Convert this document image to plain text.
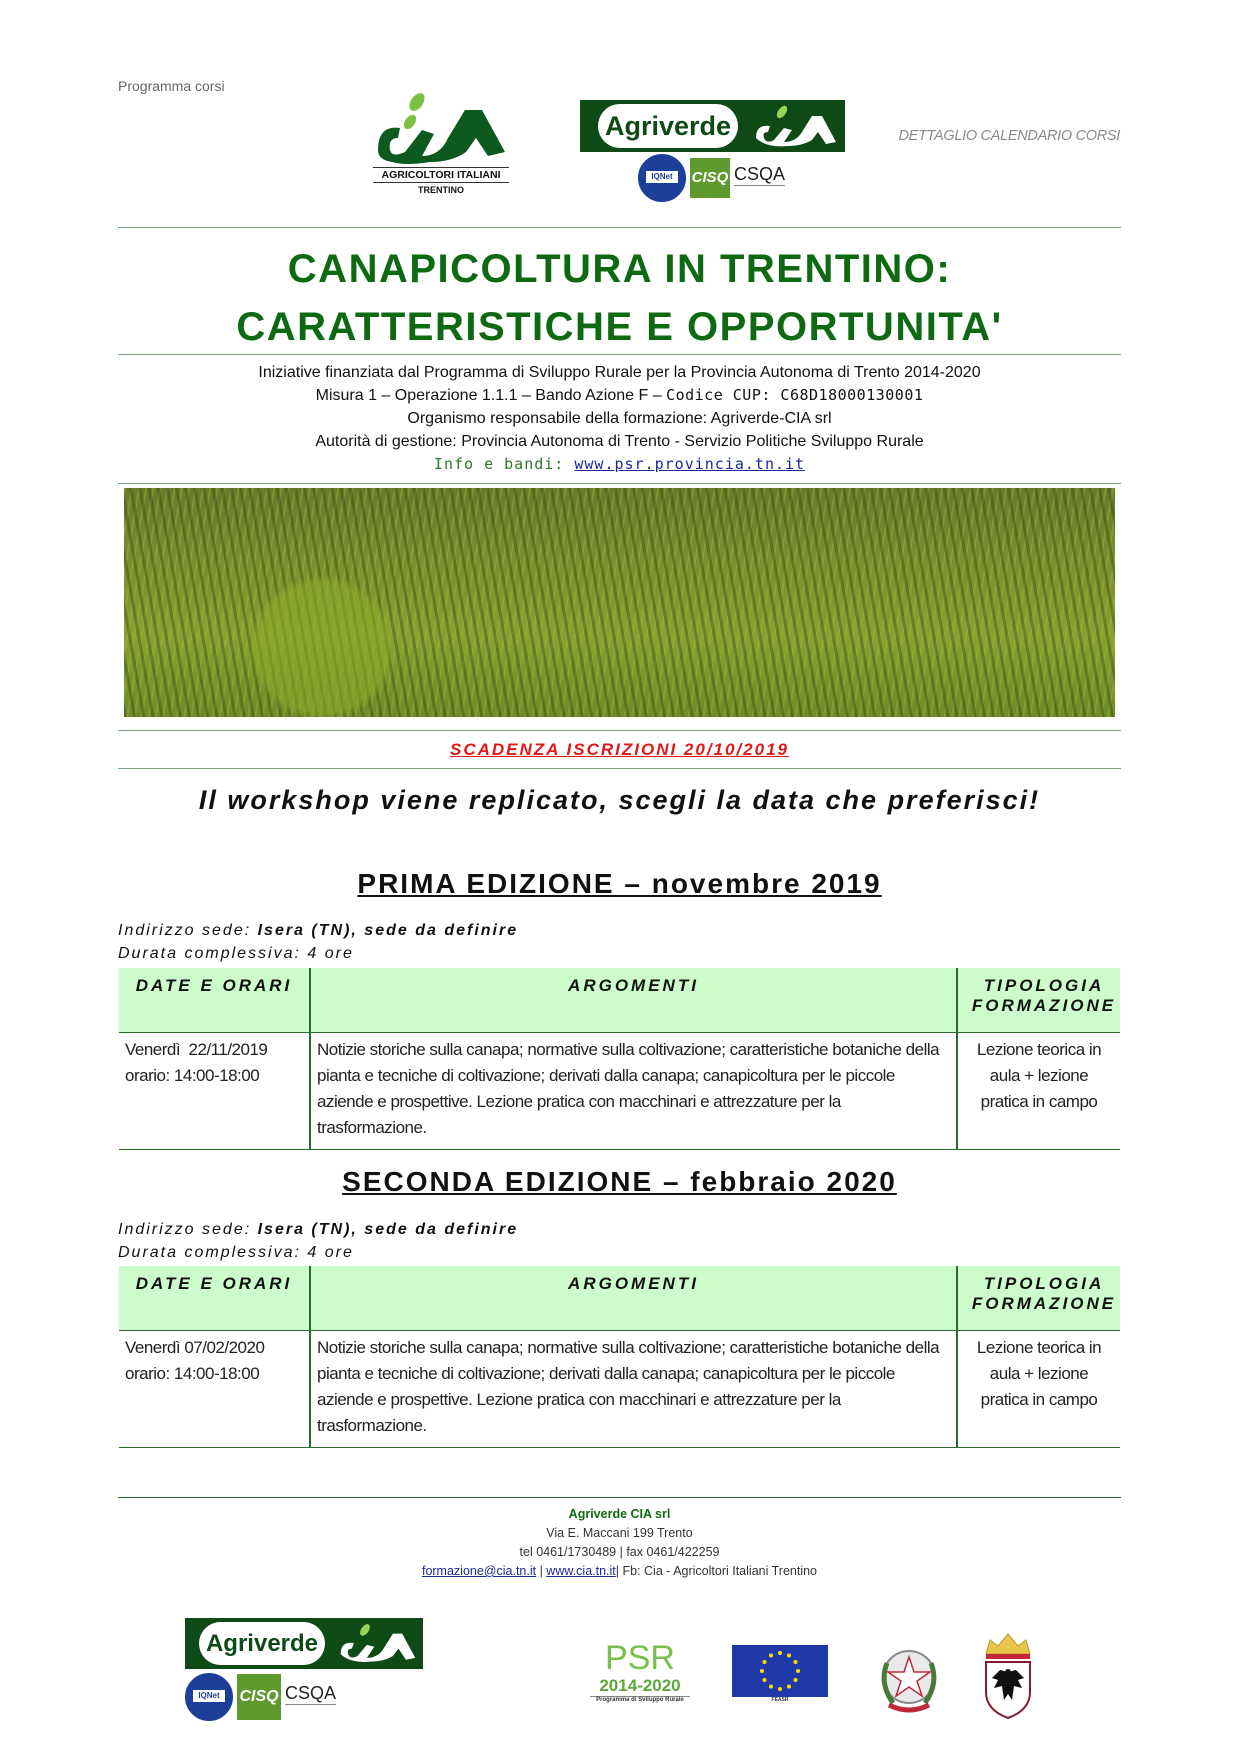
Programma corsi
AGRICOLTORI ITALIANI
TRENTINO
Agriverde
IQNet	CISQ CSQA

DETTAGLIO CALENDARIO CORSI
CANAPICOLTURA IN TRENTINO:
CARATTERISTICHE E OPPORTUNITA'
Iniziative finanziata dal Programma di Sviluppo Rurale per la Provincia Autonoma di Trento 2014-2020
Misura 1 – Operazione 1.1.1 – Bando Azione F – Codice CUP: C68D18000130001
Organismo responsabile della formazione: Agriverde-CIA srl
Autorità di gestione: Provincia Autonoma di Trento - Servizio Politiche Sviluppo Rurale
Info e bandi: www.psr.provincia.tn.it
SCADENZA ISCRIZIONI 20/10/2019
Il workshop viene replicato, scegli la data che preferisci!
PRIMA EDIZIONE – novembre 2019
Indirizzo sede: Isera (TN), sede da definire
Durata complessiva: 4 ore
DATE E ORARI	ARGOMENTI	TIPOLOGIA FORMAZIONE

Venerdì  22/11/2019
orario: 14:00-18:00	Notizie storiche sulla canapa; normative sulla coltivazione; caratteristiche botaniche della pianta e tecniche di coltivazione; derivati dalla canapa; canapicoltura per le piccole aziende e prospettive. Lezione pratica con macchinari e attrezzature per la trasformazione.	Lezione teorica in aula + lezione pratica in campo
SECONDA EDIZIONE – febbraio 2020
Indirizzo sede: Isera (TN), sede da definire
Durata complessiva: 4 ore
DATE E ORARI	ARGOMENTI	TIPOLOGIA FORMAZIONE

Venerdì 07/02/2020
orario: 14:00-18:00	Notizie storiche sulla canapa; normative sulla coltivazione; caratteristiche botaniche della pianta e tecniche di coltivazione; derivati dalla canapa; canapicoltura per le piccole aziende e prospettive. Lezione pratica con macchinari e attrezzature per la trasformazione.	Lezione teorica in aula + lezione pratica in campo
Agriverde CIA srl
Via E. Maccani 199 Trento
tel 0461/1730489 | fax 0461/422259
formazione@cia.tn.it | www.cia.tn.it| Fb: Cia - Agricoltori Italiani Trentino
Agriverde
IQNet	CISQ CSQA

PSR
2014-2020
Programma di Sviluppo Rurale	FEASR
